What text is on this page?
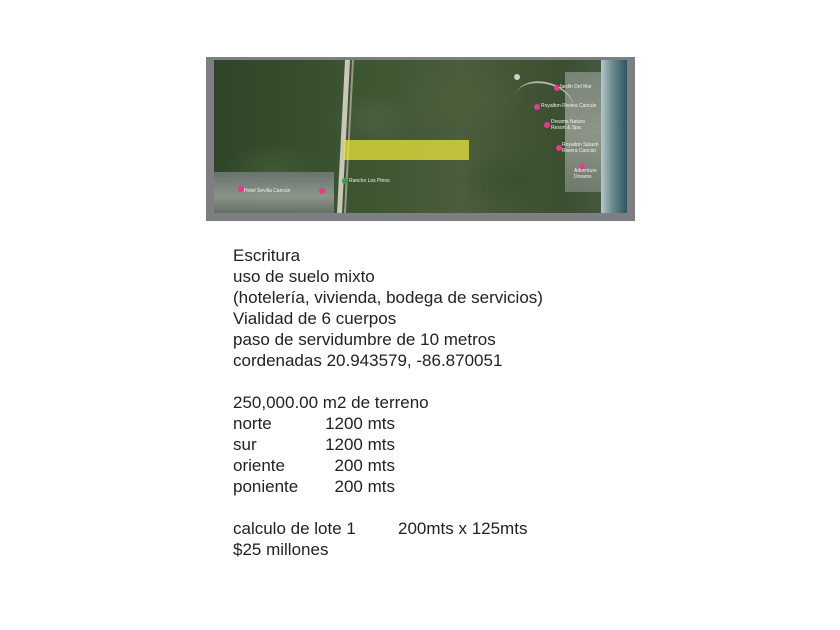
Jardín Del Mar
Royalton Riviera Cancún
Dreams Natura Resort & Spa
Royalton Splash Riviera Cancún
Adventure Dreams
Hotel Sevilla Cancún
Rancho Los Pinos
Escritura
uso de suelo mixto
(hotelería, vivienda, bodega de servicios)
Vialidad de 6 cuerpos
paso de servidumbre de 10 metros
cordenadas 20.943579, -86.870051
250,000.00 m2 de terreno
norte	1200 mts
sur	1200 mts
oriente	200 mts
poniente	200 mts
calculo de lote 1	200mts x 125mts
$25 millones
